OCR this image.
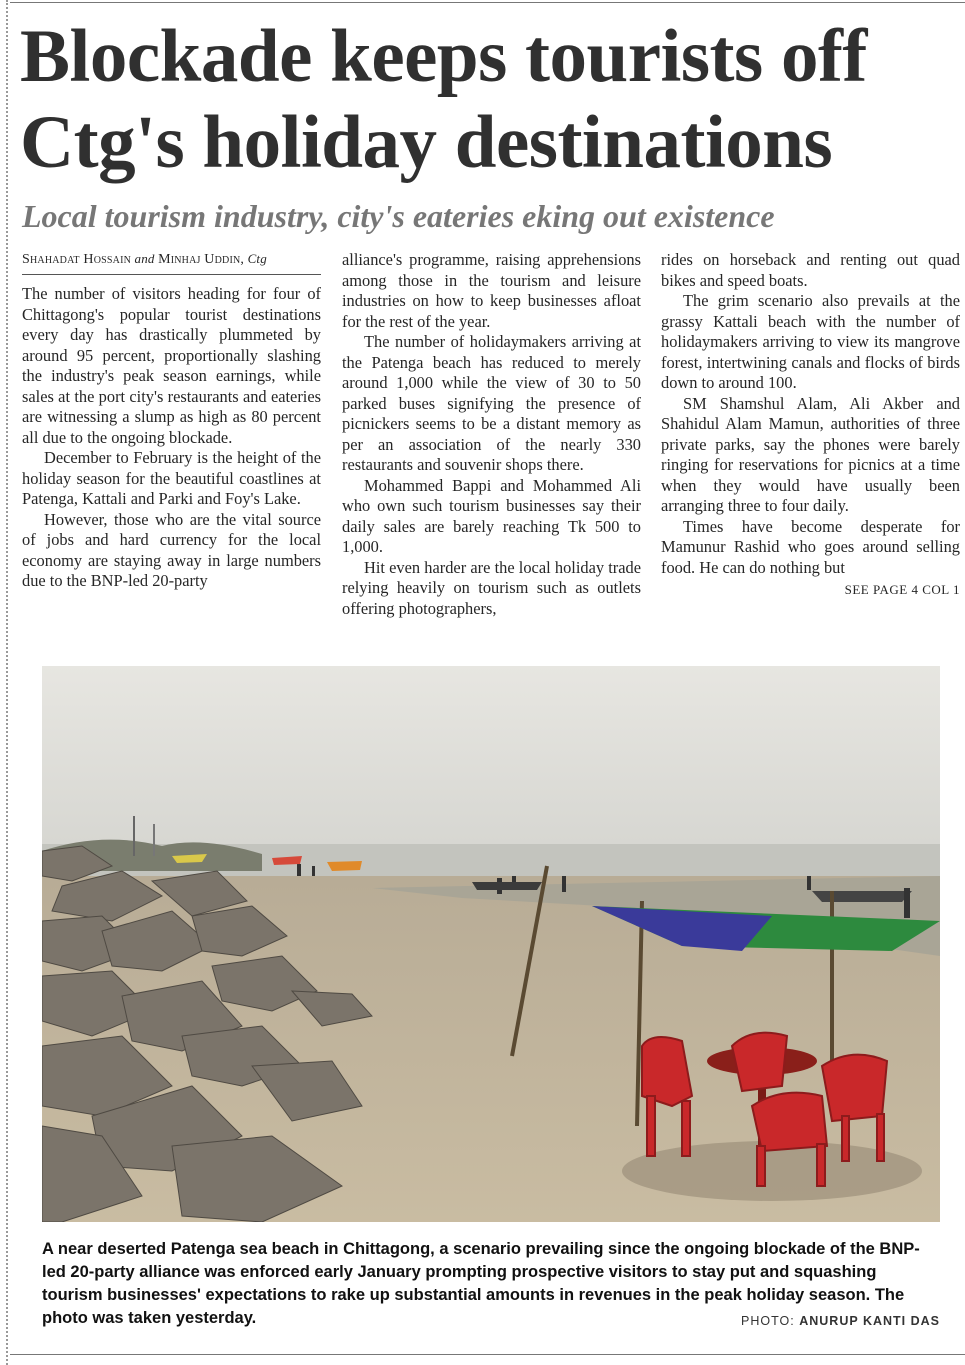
Blockade keeps tourists off Ctg's holiday destinations
Local tourism industry, city's eateries eking out existence
Shahadat Hossain and Minhaj Uddin, Ctg

The number of visitors heading for four of Chittagong's popular tourist destinations every day has drastically plummeted by around 95 percent, proportionally slashing the industry's peak season earnings, while sales at the port city's restaurants and eateries are witnessing a slump as high as 80 percent all due to the ongoing blockade.

December to February is the height of the holiday season for the beautiful coastlines at Patenga, Kattali and Parki and Foy's Lake.

However, those who are the vital source of jobs and hard currency for the local economy are staying away in large numbers due to the BNP-led 20-party

alliance's programme, raising apprehensions among those in the tourism and leisure industries on how to keep businesses afloat for the rest of the year.

The number of holidaymakers arriving at the Patenga beach has reduced to merely around 1,000 while the view of 30 to 50 parked buses signifying the presence of picnickers seems to be a distant memory as per an association of the nearly 330 restaurants and souvenir shops there.

Mohammed Bappi and Mohammed Ali who own such tourism businesses say their daily sales are barely reaching Tk 500 to 1,000.

Hit even harder are the local holiday trade relying heavily on tourism such as outlets offering photographers,

rides on horseback and renting out quad bikes and speed boats.

The grim scenario also prevails at the grassy Kattali beach with the number of holidaymakers arriving to view its mangrove forest, intertwining canals and flocks of birds down to around 100.

SM Shamshul Alam, Ali Akber and Shahidul Alam Mamun, authorities of three private parks, say the phones were barely ringing for reservations for picnics at a time when they would have usually been arranging three to four daily.

Times have become desperate for Mamunur Rashid who goes around selling food. He can do nothing but

SEE PAGE 4 COL 1

A near deserted Patenga sea beach in Chittagong, a scenario prevailing since the ongoing blockade of the BNP-led 20-party alliance was enforced early January prompting prospective visitors to stay put and squashing tourism businesses' expectations to rake up substantial amounts in revenues in the peak holiday season. The photo was taken yesterday.	PHOTO: ANURUP KANTI DAS
